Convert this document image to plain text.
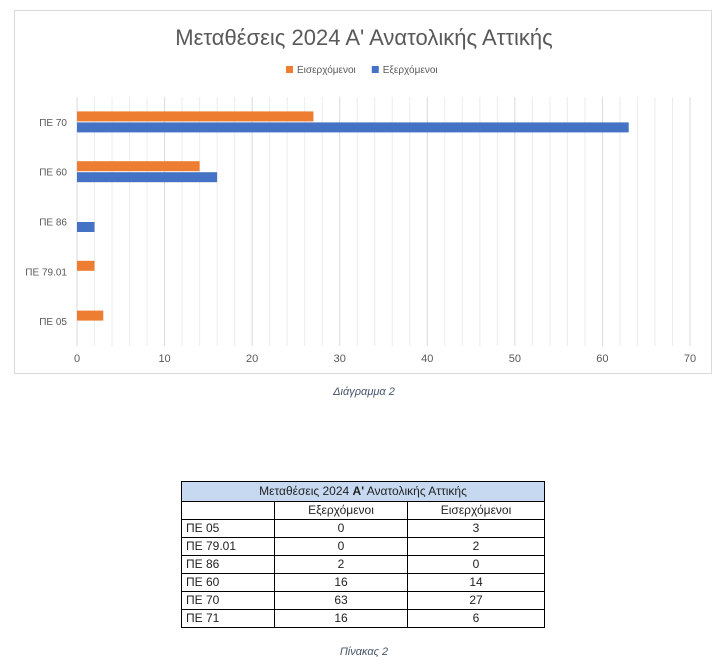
Μεταθέσεις 2024 Α' Ανατολικής Αττικής
0	10	20	30	40	50	60	70
ΠΕ 70
ΠΕ 60
ΠΕ 86
ΠΕ 79.01
ΠΕ 05
Εισερχόμενοι	Εξερχόμενοι
Διάγραμμα 2
Μεταθέσεις 2024 Α' Ανατολικής Αττικής		
	Εξερχόμενοι	Εισερχόμενοι
ΠΕ 05	0	3
ΠΕ 79.01	0	2
ΠΕ 86	2	0
ΠΕ 60	16	14
ΠΕ 70	63	27
ΠΕ 71	16	6
Πίνακας 2
